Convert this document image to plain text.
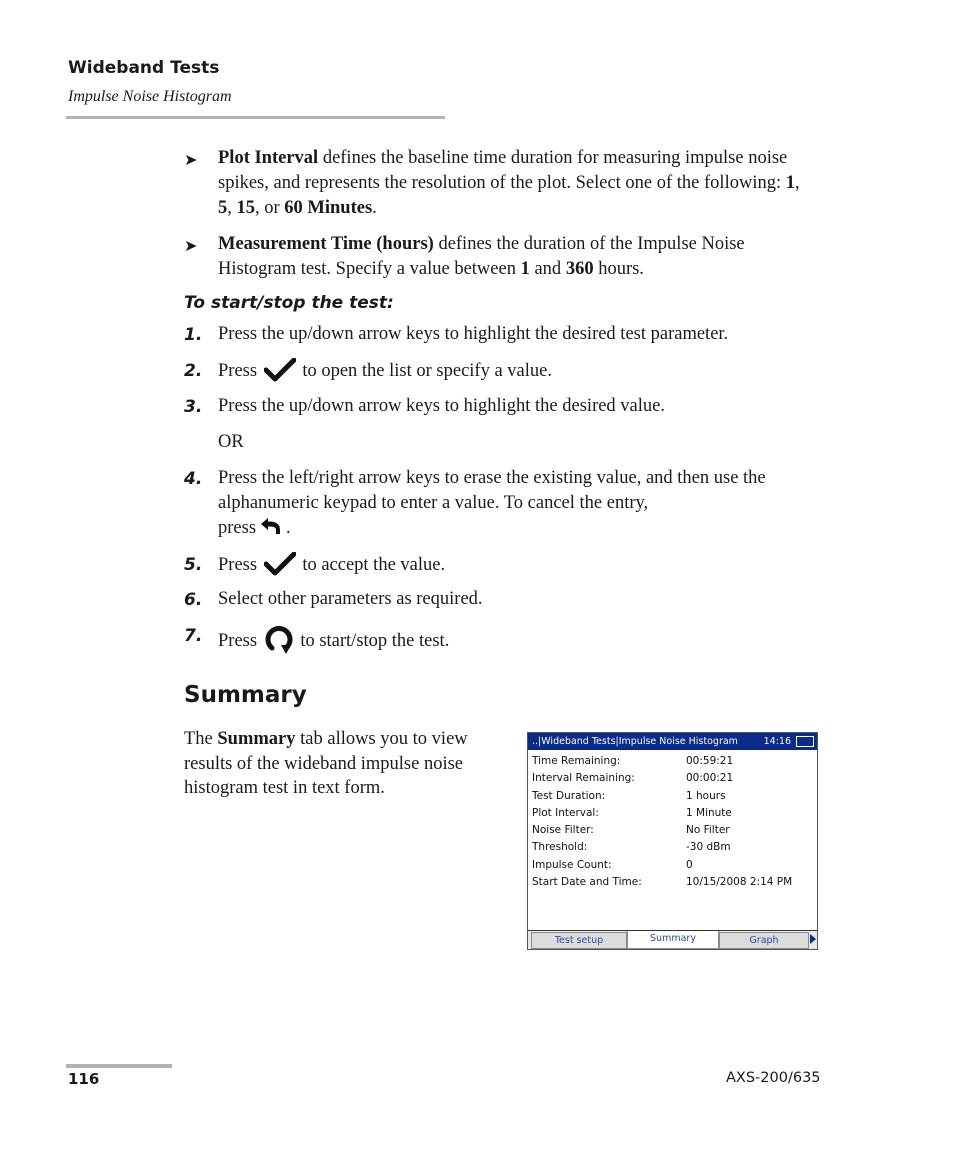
Wideband Tests
Impulse Noise Histogram
➤ Plot Interval defines the baseline time duration for measuring impulse noise spikes, and represents the resolution of the plot. Select one of the following: 1, 5, 15, or 60 Minutes.
➤ Measurement Time (hours) defines the duration of the Impulse Noise Histogram test. Specify a value between 1 and 360 hours.
To start/stop the test:
1. Press the up/down arrow keys to highlight the desired test parameter.
2. Press  to open the list or specify a value.
3. Press the up/down arrow keys to highlight the desired value.
OR
4. Press the left/right arrow keys to erase the existing value, and then use the alphanumeric keypad to enter a value. To cancel the entry,
press .
5. Press  to accept the value.
6. Select other parameters as required.
7. Press  to start/stop the test.
Summary
The Summary tab allows you to view results of the wideband impulse noise histogram test in text form.
..|Wideband Tests|Impulse Noise Histogram	14:16
Time Remaining:	00:59:21
Interval Remaining:	00:00:21
Test Duration:	1 hours
Plot Interval:	1 Minute
Noise Filter:	No Filter
Threshold:	-30 dBm
Impulse Count:	0
Start Date and Time:	10/15/2008 2:14 PM
Test setup	Summary	Graph
116	AXS-200/635
